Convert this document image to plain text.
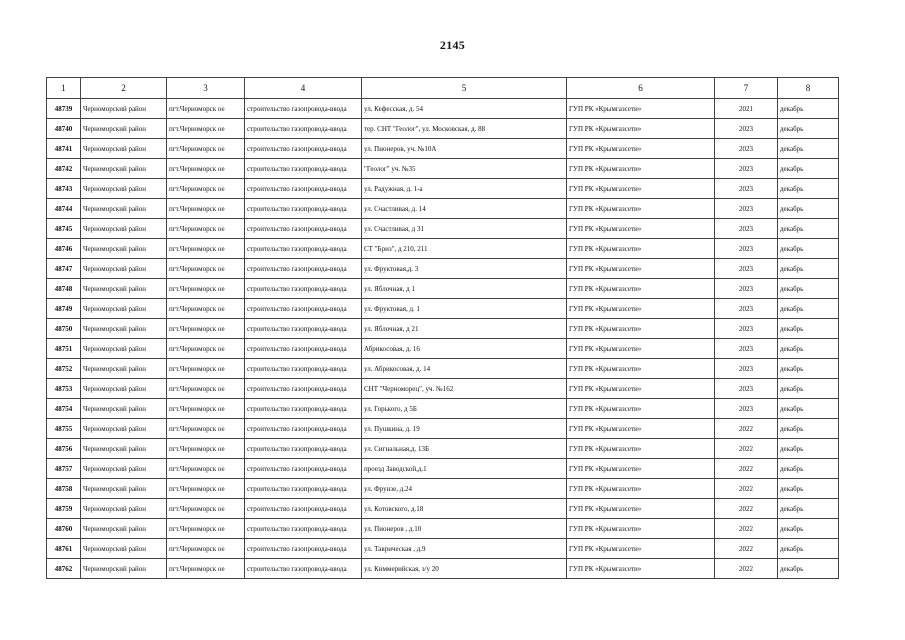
2145
1	2	3	4	5	6	7	8
48739	Черноморский район	пгт.Черноморск ое	строительство газопровода-ввода	ул. Кефесская, д. 54	ГУП РК «Крымгазсети»	2021	декабрь
48740	Черноморский район	пгт.Черноморск ое	строительство газопровода-ввода	тер. СНТ "Геолог", ул. Московская, д. 88	ГУП РК «Крымгазсети»	2023	декабрь
48741	Черноморский район	пгт.Черноморск ое	строительство газопровода-ввода	ул. Пионеров, уч. №10А	ГУП РК «Крымгазсети»	2023	декабрь
48742	Черноморский район	пгт.Черноморск ое	строительство газопровода-ввода	"Геолог" уч. №35	ГУП РК «Крымгазсети»	2023	декабрь
48743	Черноморский район	пгт.Черноморск ое	строительство газопровода-ввода	ул. Радужная, д. 1-а	ГУП РК «Крымгазсети»	2023	декабрь
48744	Черноморский район	пгт.Черноморск ое	строительство газопровода-ввода	ул. Счастливая, д. 14	ГУП РК «Крымгазсети»	2023	декабрь
48745	Черноморский район	пгт.Черноморск ое	строительство газопровода-ввода	ул. Счастливая, д 31	ГУП РК «Крымгазсети»	2023	декабрь
48746	Черноморский район	пгт.Черноморск ое	строительство газопровода-ввода	СТ "Бриз", д 210, 211	ГУП РК «Крымгазсети»	2023	декабрь
48747	Черноморский район	пгт.Черноморск ое	строительство газопровода-ввода	ул. Фруктовая,д. 3	ГУП РК «Крымгазсети»	2023	декабрь
48748	Черноморский район	пгт.Черноморск ое	строительство газопровода-ввода	ул. Яблочная, д 1	ГУП РК «Крымгазсети»	2023	декабрь
48749	Черноморский район	пгт.Черноморск ое	строительство газопровода-ввода	ул. Фруктовая, д. 1	ГУП РК «Крымгазсети»	2023	декабрь
48750	Черноморский район	пгт.Черноморск ое	строительство газопровода-ввода	ул. Яблочная, д 21	ГУП РК «Крымгазсети»	2023	декабрь
48751	Черноморский район	пгт.Черноморск ое	строительство газопровода-ввода	Абрикосовая, д. 16	ГУП РК «Крымгазсети»	2023	декабрь
48752	Черноморский район	пгт.Черноморск ое	строительство газопровода-ввода	ул. Абрикосовая, д. 14	ГУП РК «Крымгазсети»	2023	декабрь
48753	Черноморский район	пгт.Черноморск ое	строительство газопровода-ввода	СНТ "Черноморец", уч. №162	ГУП РК «Крымгазсети»	2023	декабрь
48754	Черноморский район	пгт.Черноморск ое	строительство газопровода-ввода	ул. Горького, д 5Б	ГУП РК «Крымгазсети»	2023	декабрь
48755	Черноморский район	пгт.Черноморск ое	строительство газопровода-ввода	ул. Пушкина, д. 19	ГУП РК «Крымгазсети»	2022	декабрь
48756	Черноморский район	пгт.Черноморск ое	строительство газопровода-ввода	ул. Сигнальная,д. 13Б	ГУП РК «Крымгазсети»	2022	декабрь
48757	Черноморский район	пгт.Черноморск ое	строительство газопровода-ввода	проезд Заводской,д.1	ГУП РК «Крымгазсети»	2022	декабрь
48758	Черноморский район	пгт.Черноморск ое	строительство газопровода-ввода	ул. Фрунзе, д.24	ГУП РК «Крымгазсети»	2022	декабрь
48759	Черноморский район	пгт.Черноморск ое	строительство газопровода-ввода	ул. Котовского, д.18	ГУП РК «Крымгазсети»	2022	декабрь
48760	Черноморский район	пгт.Черноморск ое	строительство газопровода-ввода	ул. Пионеров , д.10	ГУП РК «Крымгазсети»	2022	декабрь
48761	Черноморский район	пгт.Черноморск ое	строительство газопровода-ввода	ул. Таврическая , д.9	ГУП РК «Крымгазсети»	2022	декабрь
48762	Черноморский район	пгт.Черноморск ое	строительство газопровода-ввода	ул. Киммерийская, з/у 20	ГУП РК «Крымгазсети»	2022	декабрь
